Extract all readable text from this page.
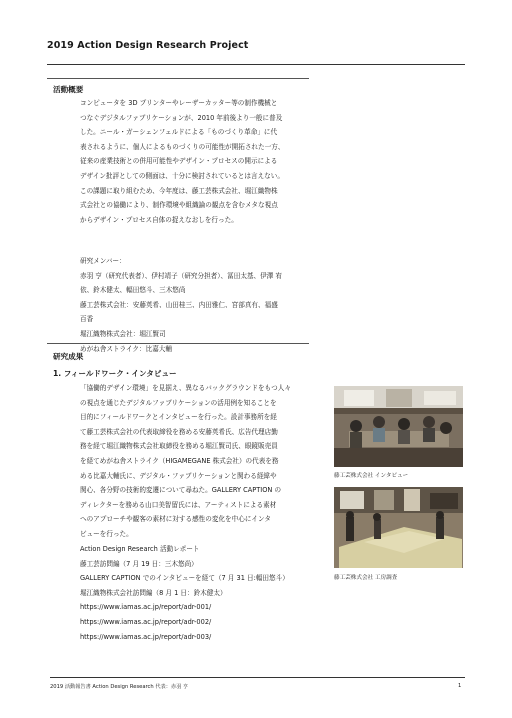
2019 Action Design Research Project
活動概要

コンピュータを 3D プリンターやレーザーカッター等の制作機械と
つなぐデジタルファブリケーションが、2010 年前後より一般に普及
した。ニール・ガーシェンフェルドによる「ものづくり革命」に代
表されるように、個人によるものづくりの可能性が開拓された一方、
従来の産業技術との併用可能性やデザイン・プロセスの開示による
デザイン批評としての側面は、十分に検討されているとは言えない。
この課題に取り組むため、今年度は、藤工芸株式会社、堀江織物株
式会社との協働により、制作環境や組織論の観点を含むメタな視点
からデザイン・プロセス自体の捉えなおしを行った。

研究メンバー：
赤羽 亨（研究代表者）、伊村靖子（研究分担者）、冨田太基、伊澤 宥
依、鈴木健太、輻田悠斗、三木悠尚
藤工芸株式会社：安藤英希、山田桂三、内田雅仁、宮部真有、福盛
百香
堀江織物株式会社：堀江賢司
めがね舎ストライク：比嘉大輔

研究成果
1. フィールドワーク・インタビュー

「協働的デザイン環境」を見据え、異なるバックグラウンドをもつ人々
の視点を通じたデジタルファブリケーションの活用例を知ることを
目的にフィールドワークとインタビューを行った。設計事務所を経
て藤工芸株式会社の代表取締役を務める安藤英希氏、広告代理店勤
務を経て堀江織物株式会社取締役を務める堀江賢司氏、眼鏡販売員
を経てめがね舎ストライク（HIGAMEGANE 株式会社）の代表を務
める比嘉大輔氏に、デジタル・ファブリケーションと関わる経緯や
関心、各分野の技術的変遷について尋ねた。GALLERY CAPTION の
ディレクターを務める山口美智留氏には、アーティストによる素材
へのアプローチや観客の素材に対する感性の変化を中心にインタ
ビューを行った。

Action Design Research 活動レポート
藤工芸訪問編（7 月 19 日：三木悠尚）
GALLERY CAPTION でのインタビューを経て（7 月 31 日:輻田悠斗）
堀江織物株式会社訪問編（8 月 1 日：鈴木健太）
https://www.iamas.ac.jp/report/adr-001/
https://www.iamas.ac.jp/report/adr-002/
https://www.iamas.ac.jp/report/adr-003/

藤工芸株式会社 インタビュー
藤工芸株式会社 工房調査
2019 活動報告書 Action Design Research 代表：赤羽 亨	1
